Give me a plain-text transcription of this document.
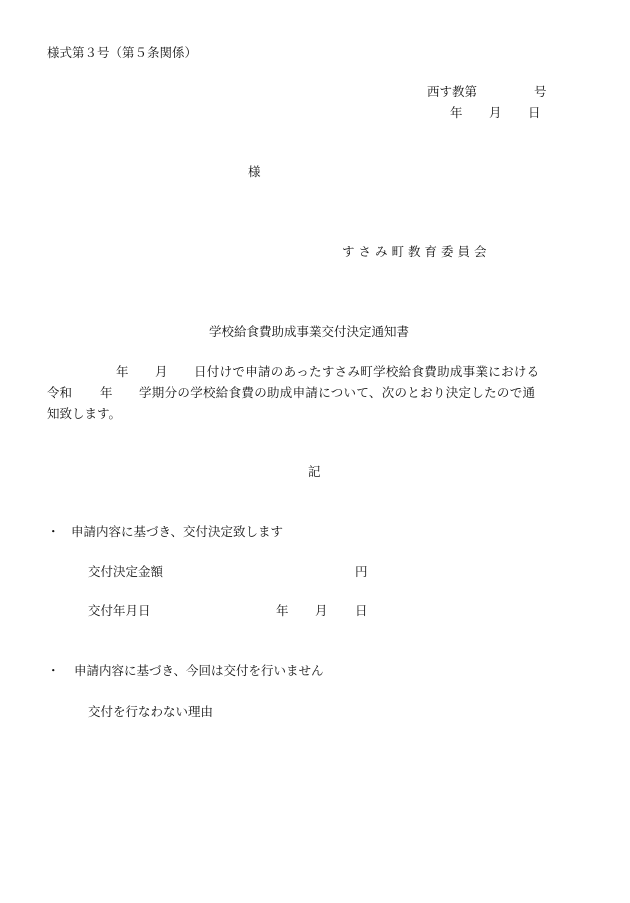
様式第３号（第５条関係）
西す教第	号
年 月 日
様
すさみ町教育委員会
学校給食費助成事業交付決定通知書
年 月 日付けで申請のあったすさみ町学校給食費助成事業における
令和 年 学期分の学校給食費の助成申請について、次のとおり決定したので通
知致します。
記
・ 申請内容に基づき、交付決定致します
交付決定金額	円
交付年月日	年 月 日
・ 申請内容に基づき、今回は交付を行いません
交付を行なわない理由
